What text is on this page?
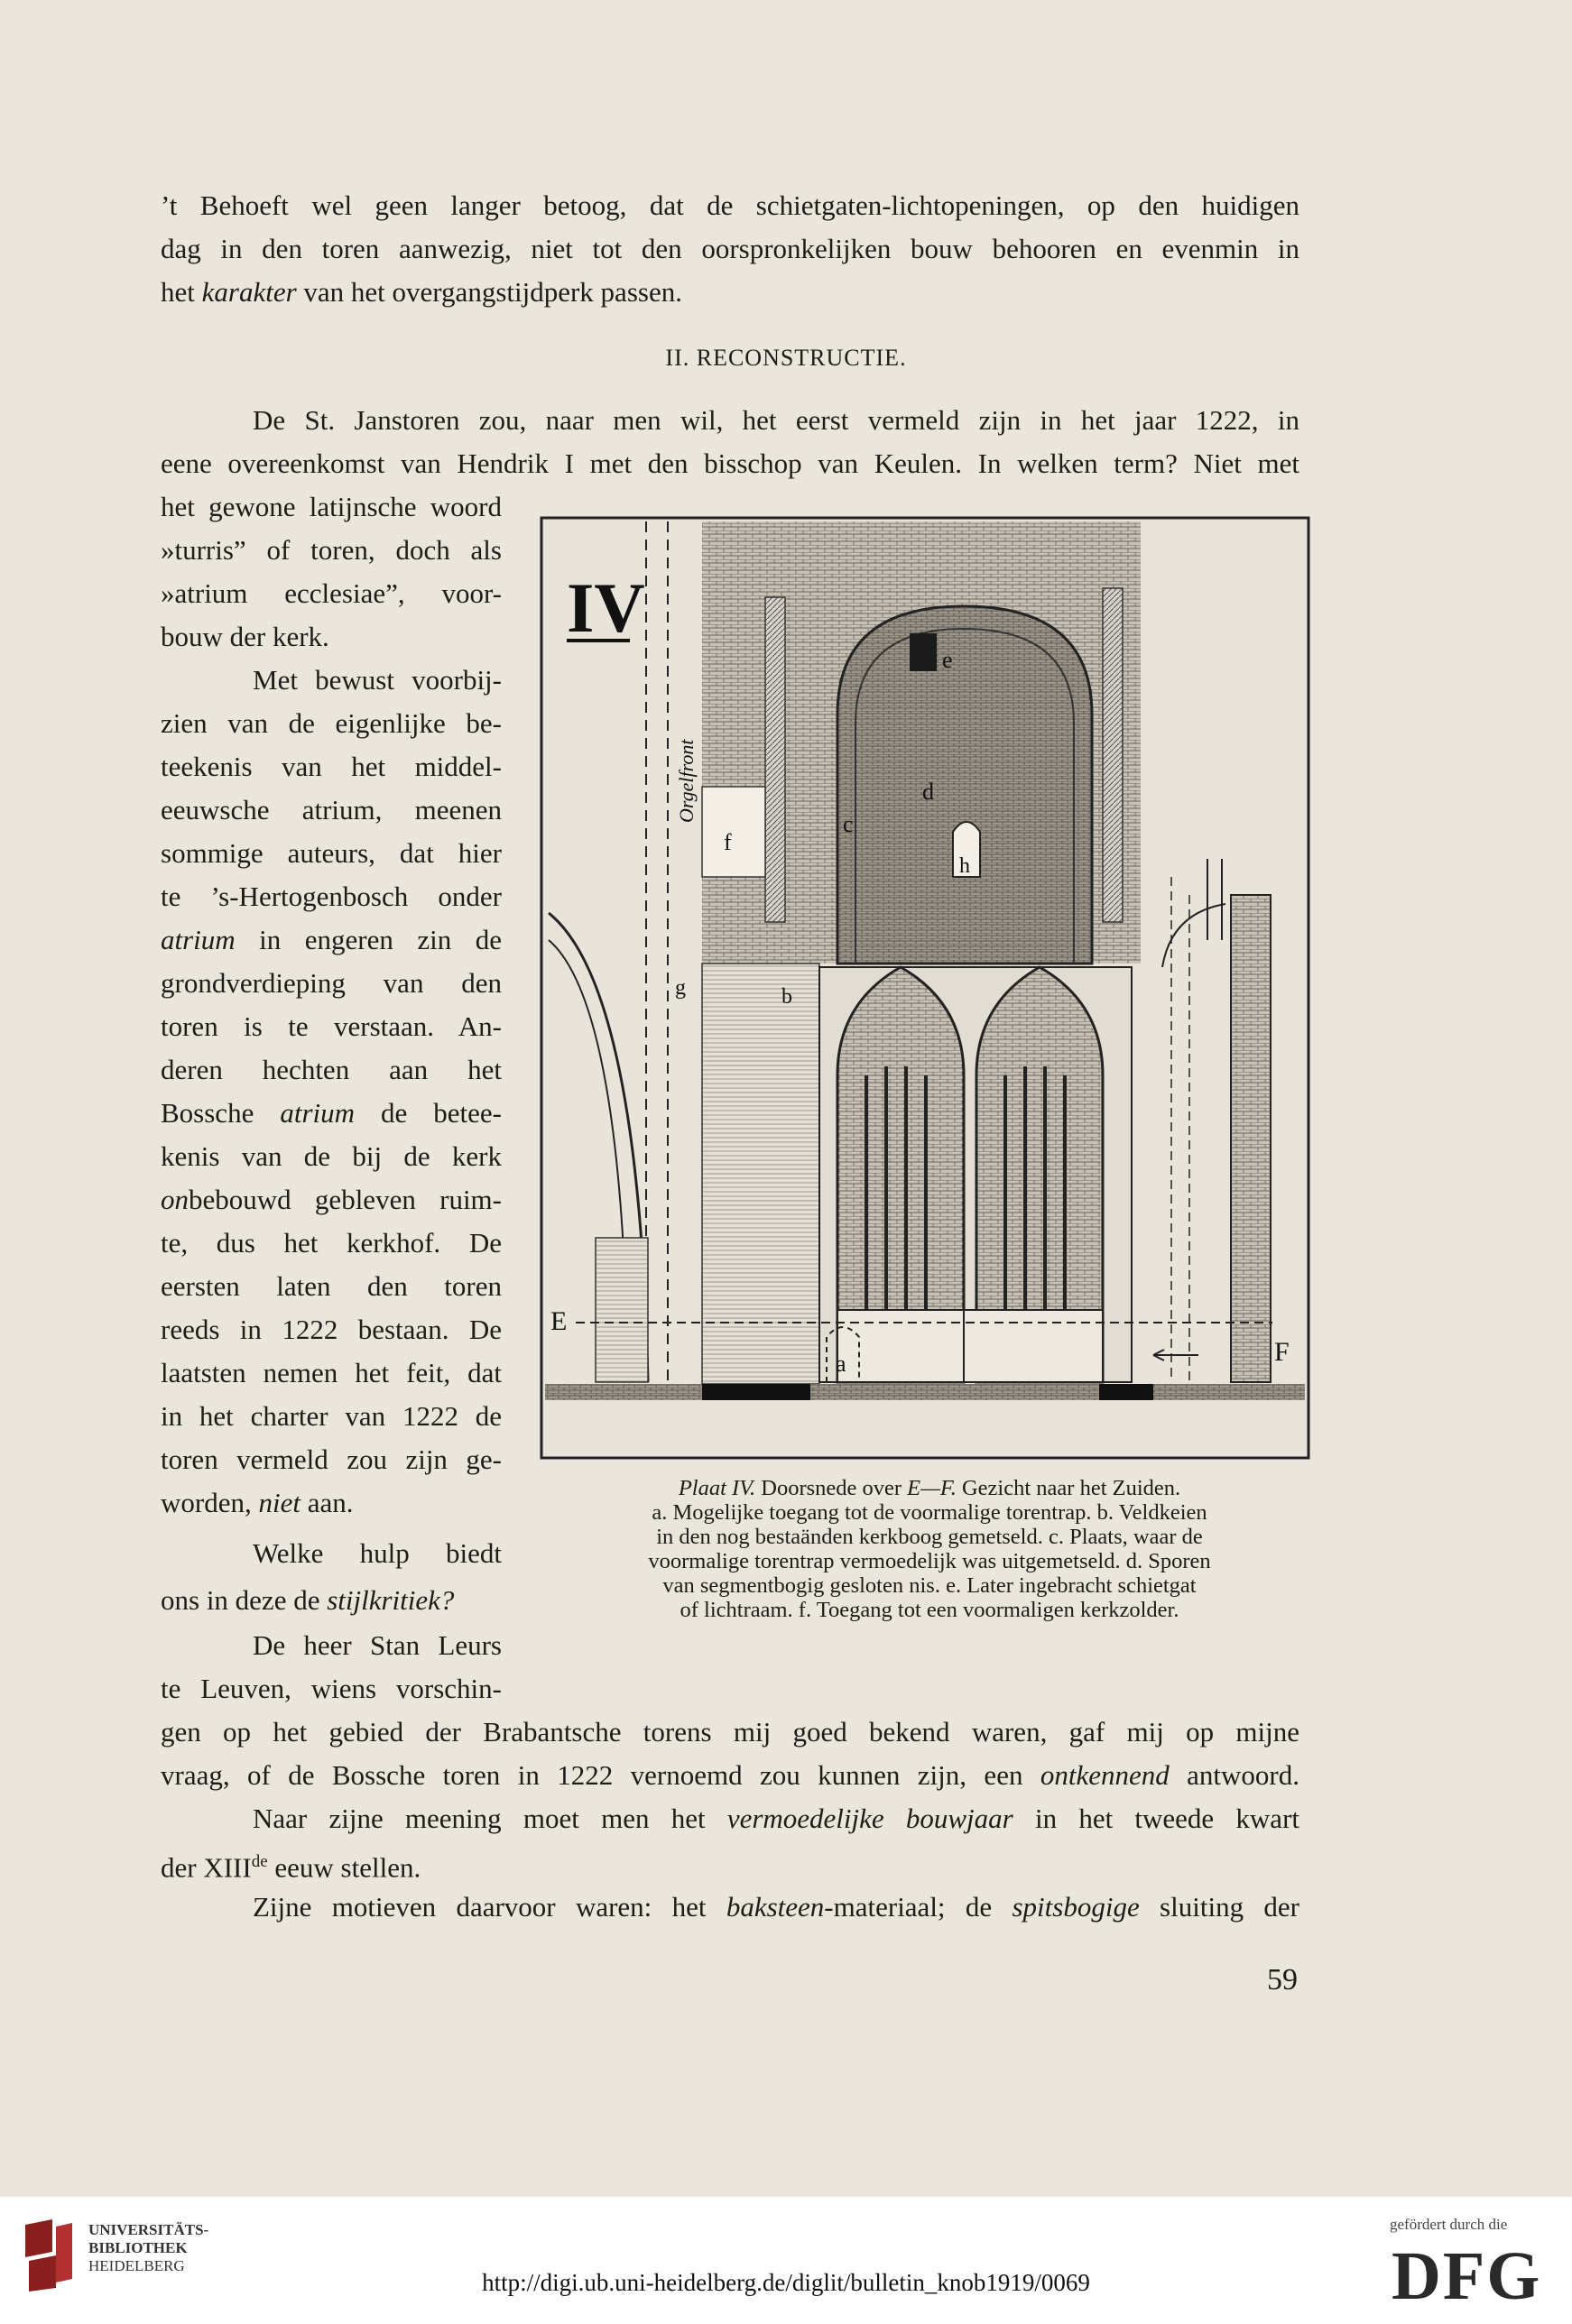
’t Behoeft wel geen langer betoog, dat de schietgaten-lichtopeningen, op den huidigen
dag in den toren aanwezig, niet tot den oorspronkelijken bouw behooren en evenmin in
het karakter van het overgangstijdperk passen.
II. RECONSTRUCTIE.
De St. Janstoren zou, naar men wil, het eerst vermeld zijn in het jaar 1222, in
eene overeenkomst van Hendrik I met den bisschop van Keulen. In welken term? Niet met
het gewone latijnsche woord
»turris” of toren, doch als
»atrium ecclesiae”, voor-
bouw der kerk.
Met bewust voorbij-
zien van de eigenlijke be-
teekenis van het middel-
eeuwsche atrium, meenen
sommige auteurs, dat hier
te ’s-Hertogenbosch onder
atrium in engeren zin de
grondverdieping van den
toren is te verstaan. An-
deren hechten aan het
Bossche atrium de betee-
kenis van de bij de kerk
onbebouwd gebleven ruim-
te, dus het kerkhof. De
eersten laten den toren
reeds in 1222 bestaan. De
laatsten nemen het feit, dat
in het charter van 1222 de
toren vermeld zou zijn ge-
worden, niet aan.
Welke hulp biedt
ons in deze de stijlkritiek?
De heer Stan Leurs
te Leuven, wiens vorschin-
gen op het gebied der Brabantsche torens mij goed bekend waren, gaf mij op mijne
vraag, of de Bossche toren in 1222 vernoemd zou kunnen zijn, een ontkennend antwoord.
Naar zijne meening moet men het vermoedelijke bouwjaar in het tweede kwart
der XIIIde eeuw stellen.
Zijne motieven daarvoor waren: het baksteen-materiaal; de spitsbogige sluiting der
IV
Orgelfront
c
d
e
f
g
h
b
a
E
F
Plaat IV. Doorsnede over E—F. Gezicht naar het Zuiden.
a. Mogelijke toegang tot de voormalige torentrap. b. Veldkeien
in den nog bestaänden kerkboog gemetseld. c. Plaats, waar de
voormalige torentrap vermoedelijk was uitgemetseld. d. Sporen
van segmentbogig gesloten nis. e. Later ingebracht schietgat
of lichtraam. f. Toegang tot een voormaligen kerkzolder.
59
UNIVERSITÄTS-
BIBLIOTHEK
HEIDELBERG
http://digi.ub.uni-heidelberg.de/diglit/bulletin_knob1919/0069
gefördert durch die
DFG
